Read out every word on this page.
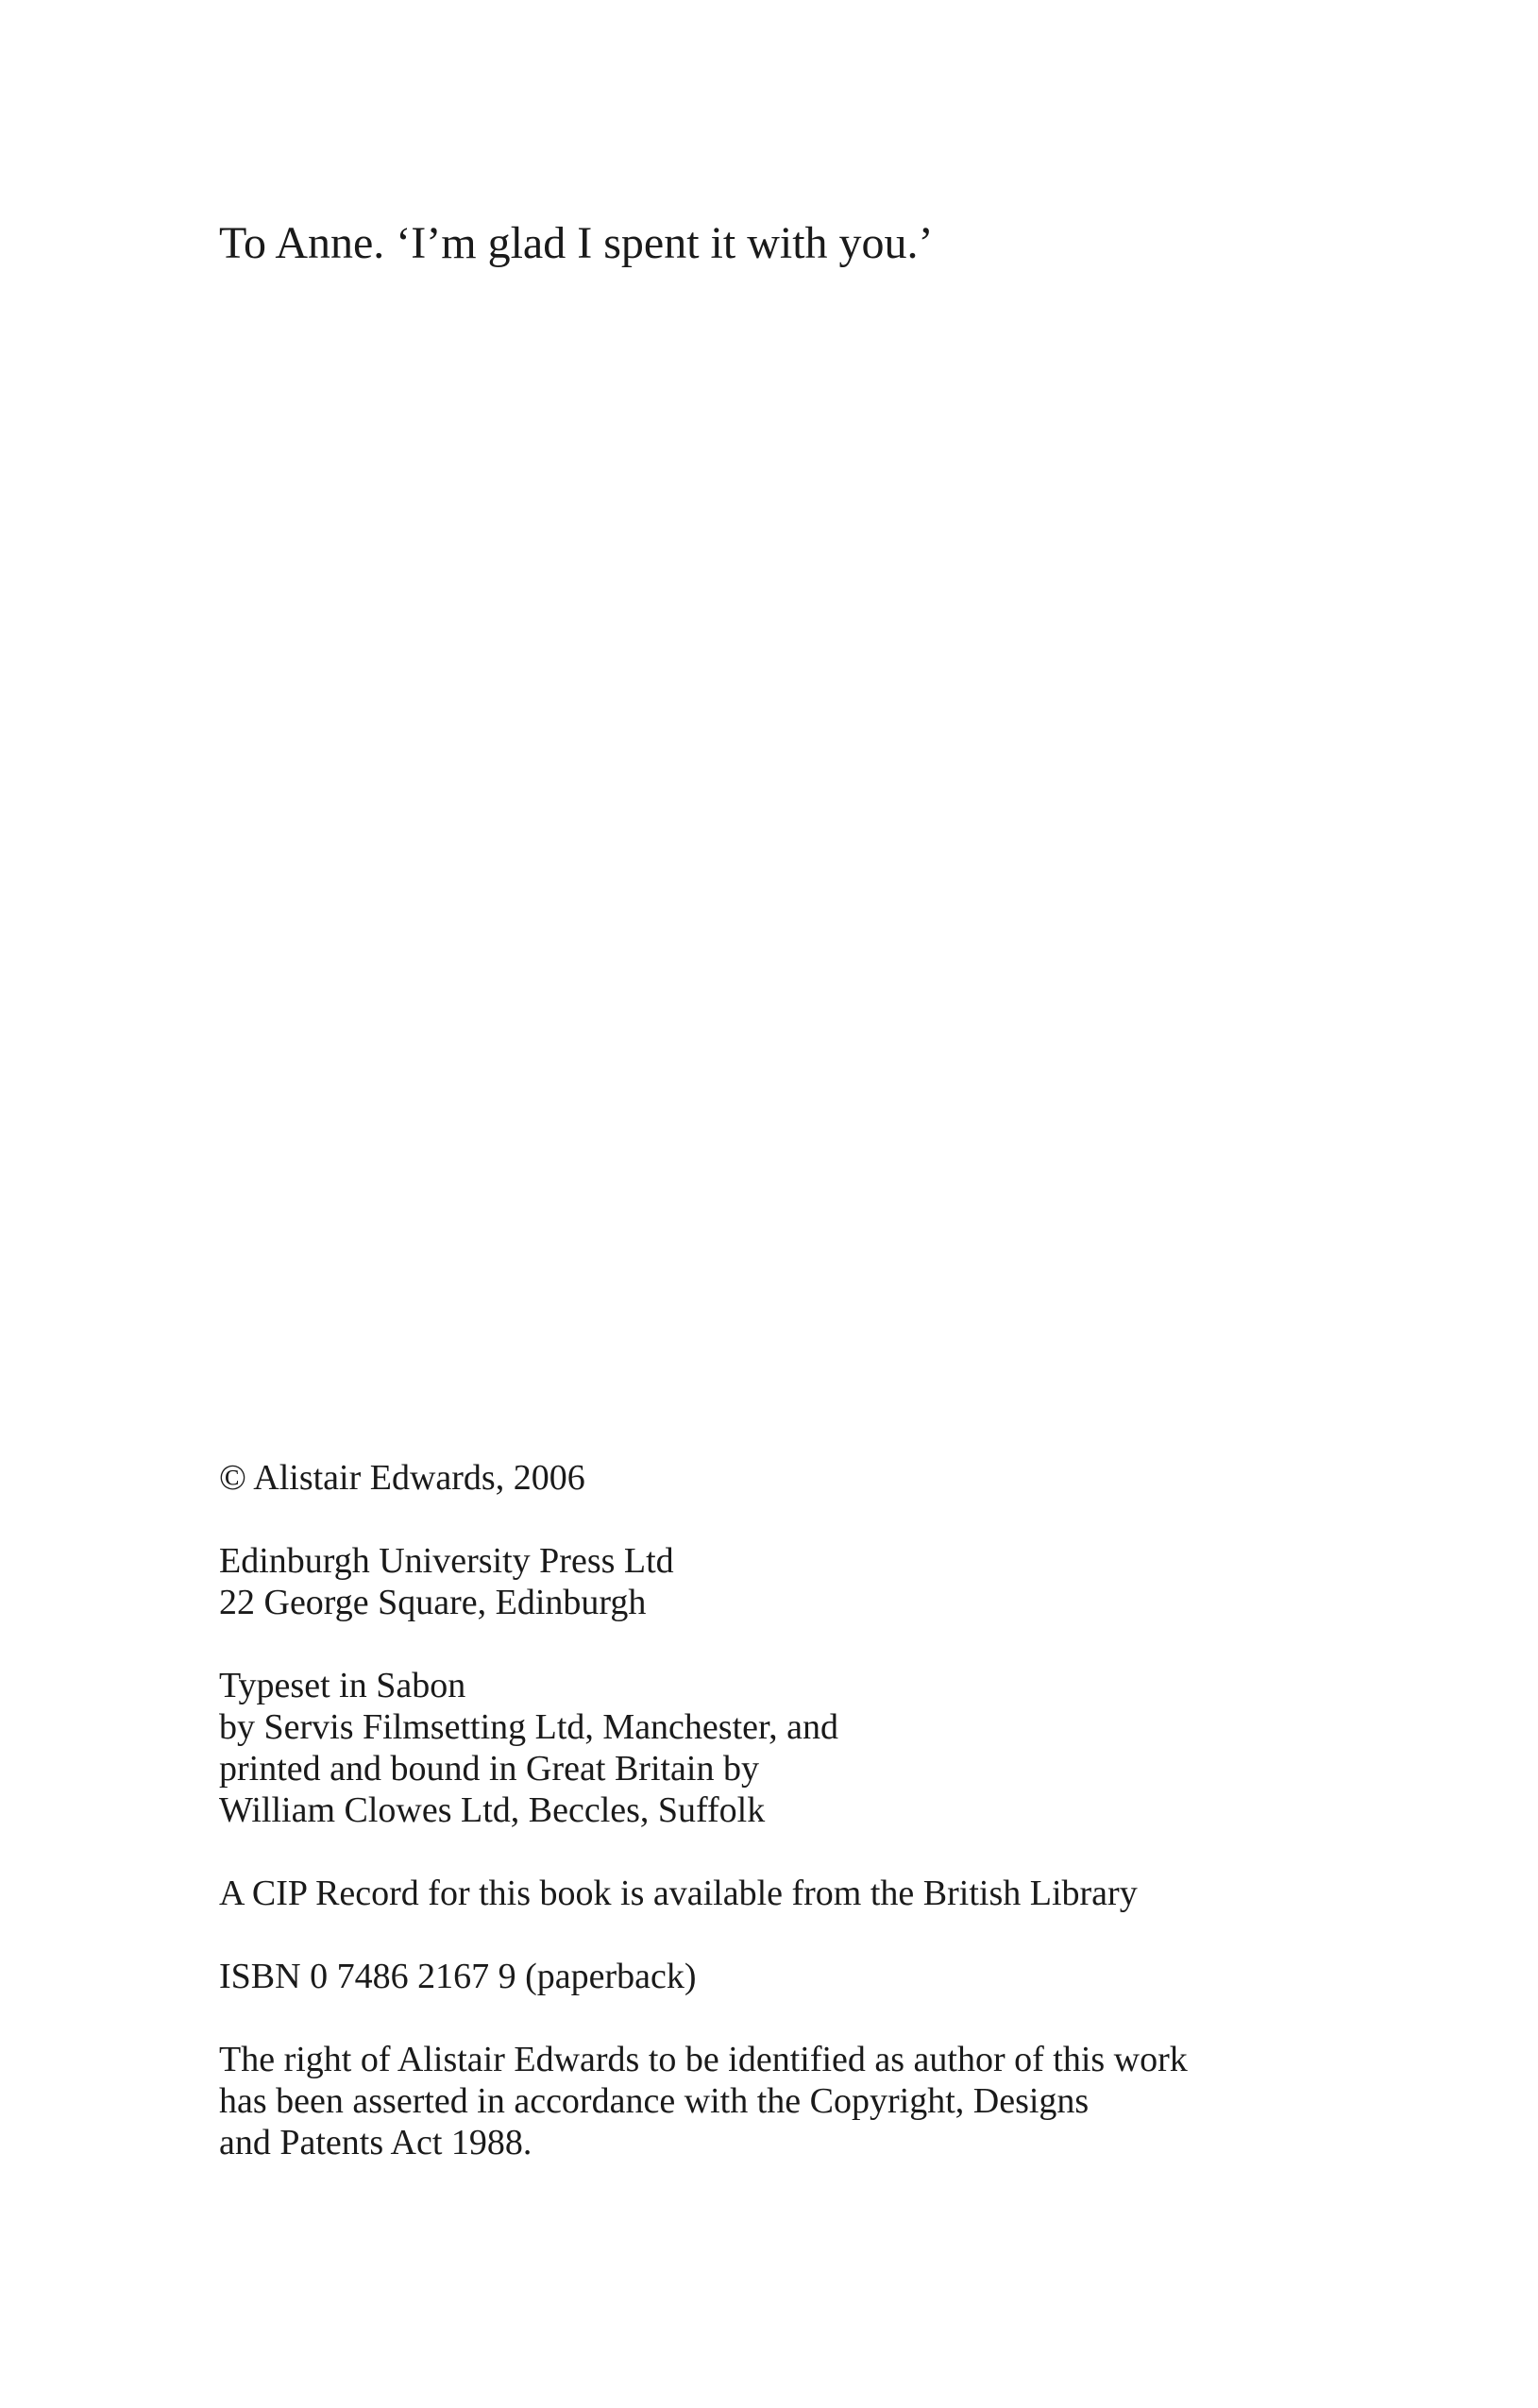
To Anne. ‘I’m glad I spent it with you.’

© Alistair Edwards, 2006

Edinburgh University Press Ltd
22 George Square, Edinburgh

Typeset in Sabon
by Servis Filmsetting Ltd, Manchester, and
printed and bound in Great Britain by
William Clowes Ltd, Beccles, Suffolk

A CIP Record for this book is available from the British Library

ISBN 0 7486 2167 9 (paperback)

The right of Alistair Edwards to be identified as author of this work
has been asserted in accordance with the Copyright, Designs
and Patents Act 1988.
